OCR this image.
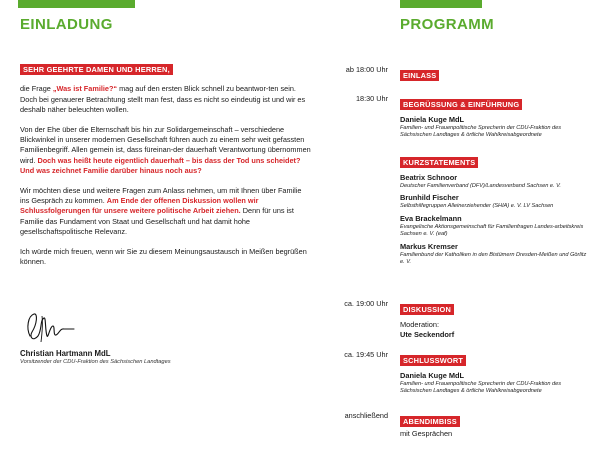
EINLADUNG
SEHR GEEHRTE DAMEN UND HERREN,

die Frage „Was ist Familie?“ mag auf den ersten Blick schnell zu beantwor-ten sein. Doch bei genauerer Betrachtung stellt man fest, dass es nicht so eindeutig ist und wir es deshalb näher beleuchten wollen.

Von der Ehe über die Elternschaft bis hin zur Solidargemeinschaft – verschiedene Blickwinkel in unserer modernen Gesellschaft führen auch zu einem sehr weit gefassten Familienbegriff. Allen gemein ist, dass füreinan-der dauerhaft Verantwortung übernommen wird. Doch was heißt heute eigentlich dauerhaft – bis dass der Tod uns scheidet? Und was zeichnet Familie darüber hinaus noch aus?

Wir möchten diese und weitere Fragen zum Anlass nehmen, um mit Ihnen über Familie ins Gespräch zu kommen. Am Ende der offenen Diskussion wollen wir Schlussfolgerungen für unsere weitere politische Arbeit ziehen. Denn für uns ist Familie das Fundament von Staat und Gesellschaft und hat damit hohe gesellschaftspolitische Relevanz.

Ich würde mich freuen, wenn wir Sie zu diesem Meinungsaustausch in Meißen begrüßen können.

Christian Hartmann MdL
Vorsitzender der CDU-Fraktion des Sächsischen Landtages
PROGRAMM
ab 18:00 Uhr
EINLASS
18:30 Uhr
BEGRÜSSUNG & EINFÜHRUNG
Daniela Kuge MdL
Familien- und Frauenpolitische Sprecherin der CDU-Fraktion des Sächsischen Landtages & örtliche Wahlkreisabgeordnete
KURZSTATEMENTS
Beatrix Schnoor
Deutscher Familienverband (DFV)/Landesverband Sachsen e. V.
Brunhild Fischer
Selbsthilfegruppen Alleinerziehender (SHIA) e. V. LV Sachsen
Eva Brackelmann
Evangelische Aktionsgemeinschaft für Familienfragen Landes-arbeitskreis Sachsen e. V. (eaf)
Markus Kremser
Familienbund der Katholiken in den Bistümern Dresden-Meißen und Görlitz e. V.
ca. 19:00 Uhr
DISKUSSION
Moderation:
Ute Seckendorf
ca. 19:45 Uhr
SCHLUSSWORT
Daniela Kuge MdL
Familien- und Frauenpolitische Sprecherin der CDU-Fraktion des Sächsischen Landtages & örtliche Wahlkreisabgeordnete
anschließend
ABENDIMBISS
mit Gesprächen
